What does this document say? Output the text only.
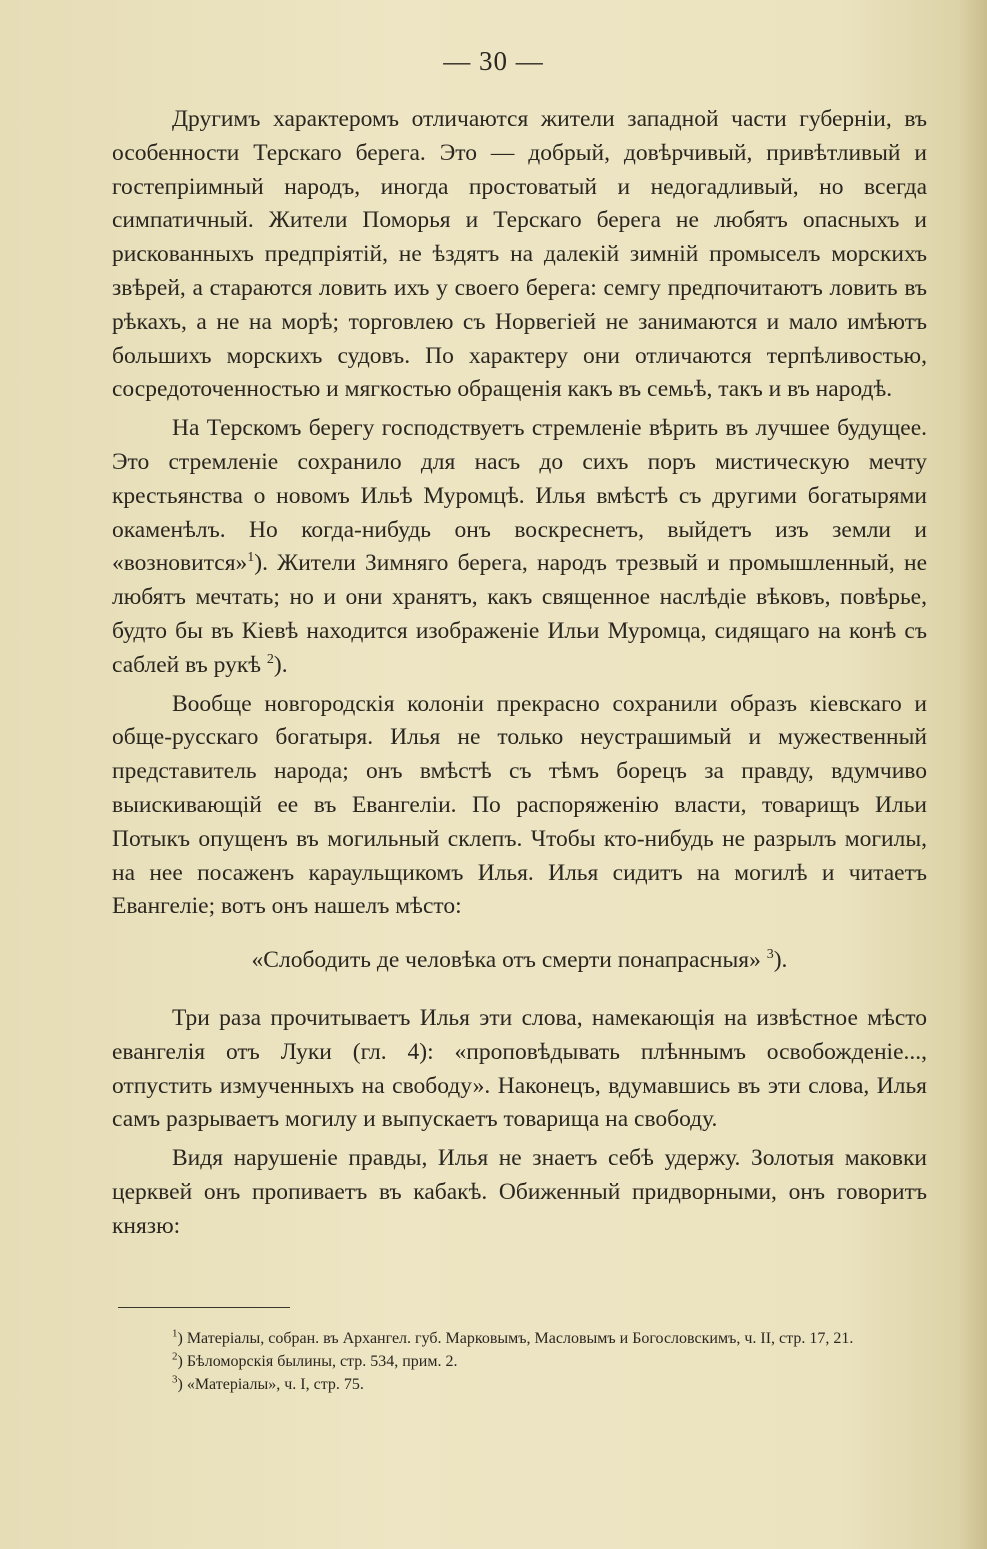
— 30 —

Другимъ характеромъ отличаются жители западной части губерніи, въ особенности Терскаго берега. Это — добрый, довѣрчивый, привѣтливый и гостепріимный народъ, иногда простоватый и недогадливый, но всегда симпатичный. Жители Поморья и Терскаго берега не любятъ опасныхъ и рискованныхъ предпріятій, не ѣздятъ на далекій зимній промыселъ морскихъ звѣрей, а стараются ловить ихъ у своего берега: семгу предпочитаютъ ловить въ рѣкахъ, а не на морѣ; торговлею съ Норвегіей не занимаются и мало имѣютъ большихъ морскихъ судовъ. По характеру они отличаются терпѣливостью, сосредоточенностью и мягкостью обращенія какъ въ семьѣ, такъ и въ народѣ.

На Терскомъ берегу господствуетъ стремленіе вѣрить въ лучшее будущее. Это стремленіе сохранило для насъ до сихъ поръ мистическую мечту крестьянства о новомъ Ильѣ Муромцѣ. Илья вмѣстѣ съ другими богатырями окаменѣлъ. Но когда-нибудь онъ воскреснетъ, выйдетъ изъ земли и «возновится»$^1$). Жители Зимняго берега, народъ трезвый и промышленный, не любятъ мечтать; но и они хранятъ, какъ священное наслѣдіе вѣковъ, повѣрье, будто бы въ Кіевѣ находится изображеніе Ильи Муромца, сидящаго на конѣ съ саблей въ рукѣ $^2$).

Вообще новгородскія колоніи прекрасно сохранили образъ кіевскаго и обще-русскаго богатыря. Илья не только неустрашимый и мужественный представитель народа; онъ вмѣстѣ съ тѣмъ борецъ за правду, вдумчиво выискивающій ее въ Евангеліи. По распоряженію власти, товарищъ Ильи Потыкъ опущенъ въ могильный склепъ. Чтобы кто-нибудь не разрылъ могилы, на нее посаженъ караульщикомъ Илья. Илья сидитъ на могилѣ и читаетъ Евангеліе; вотъ онъ нашелъ мѣсто:

«Слободить де человѣка отъ смерти понапрасныя» $^3$).

Три раза прочитываетъ Илья эти слова, намекающія на извѣстное мѣсто евангелія отъ Луки (гл. 4): «проповѣдывать плѣннымъ освобожденіе..., отпустить измученныхъ на свободу». Наконецъ, вдумавшись въ эти слова, Илья самъ разрываетъ могилу и выпускаетъ товарища на свободу.

Видя нарушеніе правды, Илья не знаетъ себѣ удержу. Золотыя маковки церквей онъ пропиваетъ въ кабакѣ. Обиженный придворными, онъ говоритъ князю:

$^1$) Матеріалы, собран. въ Архангел. губ. Марковымъ, Масловымъ и Богословскимъ, ч. II, стр. 17, 21.

$^2$) Бѣломорскія былины, стр. 534, прим. 2.

$^3$) «Матеріалы», ч. I, стр. 75.
